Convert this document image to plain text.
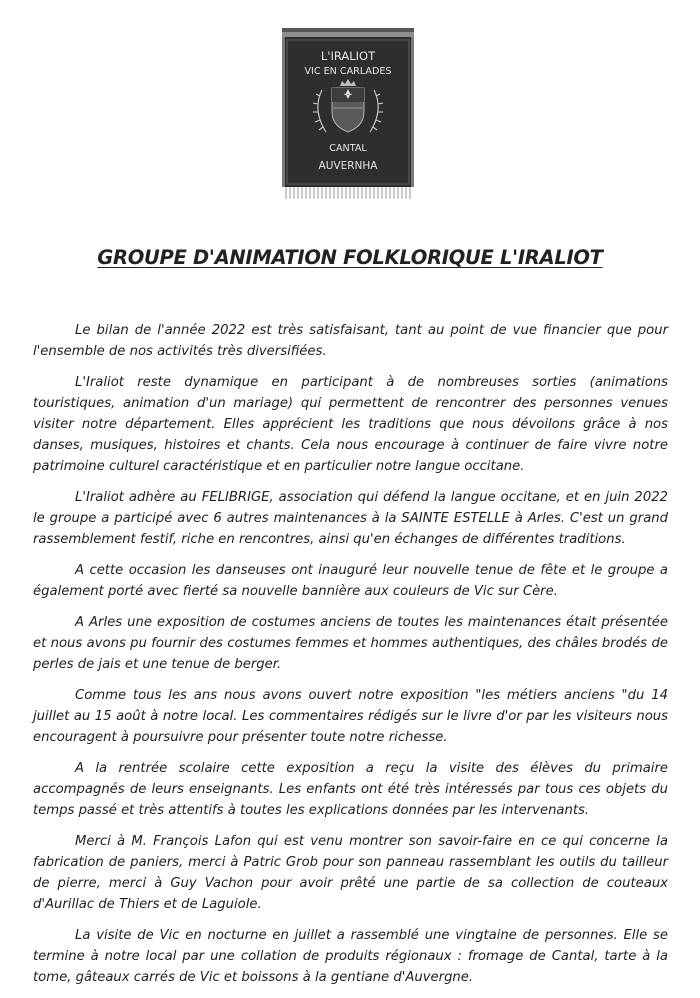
L'IRALIOT
VIC EN CARLADES
CANTAL
AUVERNHA
GROUPE D'ANIMATION FOLKLORIQUE L'IRALIOT

Le bilan de l'année 2022 est très satisfaisant, tant au point de vue financier que pour l'ensemble de nos activités très diversifiées.

L'Iraliot reste dynamique en participant à de nombreuses sorties (animations touristiques, animation d'un mariage) qui permettent de rencontrer des personnes venues visiter notre département. Elles apprécient les traditions que nous dévoilons grâce à nos danses, musiques, histoires et chants. Cela nous encourage à continuer de faire vivre notre patrimoine culturel caractéristique et en particulier notre langue occitane.

L'Iraliot adhère au FELIBRIGE, association qui défend la langue occitane, et en juin 2022 le groupe a participé avec 6 autres maintenances à la SAINTE ESTELLE à Arles. C'est un grand rassemblement festif, riche en rencontres, ainsi qu'en échanges de différentes traditions.

A cette occasion les danseuses ont inauguré leur nouvelle tenue de fête et le groupe a également porté avec fierté sa nouvelle bannière aux couleurs de Vic sur Cère.

A Arles une exposition de costumes anciens de toutes les maintenances était présentée et nous avons pu fournir des costumes femmes et hommes authentiques, des châles brodés de perles de jais et une tenue de berger.

Comme tous les ans nous avons ouvert notre exposition "les métiers anciens "du 14 juillet au 15 août à notre local. Les commentaires rédigés sur le livre d'or par les visiteurs nous encouragent à poursuivre pour présenter toute notre richesse.

A la rentrée scolaire cette exposition a reçu la visite des élèves du primaire accompagnés de leurs enseignants. Les enfants ont été très intéressés par tous ces objets du temps passé et très attentifs à toutes les explications données par les intervenants.

Merci à M. François Lafon qui est venu montrer son savoir-faire en ce qui concerne la fabrication de paniers, merci à Patric Grob pour son panneau rassemblant les outils du tailleur de pierre, merci à Guy Vachon pour avoir prêté une partie de sa collection de couteaux d'Aurillac de Thiers et de Laguiole.

La visite de Vic en nocturne en juillet a rassemblé une vingtaine de personnes. Elle se termine à notre local par une collation de produits régionaux : fromage de Cantal, tarte à la tome, gâteaux carrés de Vic et boissons à la gentiane d'Auvergne.
